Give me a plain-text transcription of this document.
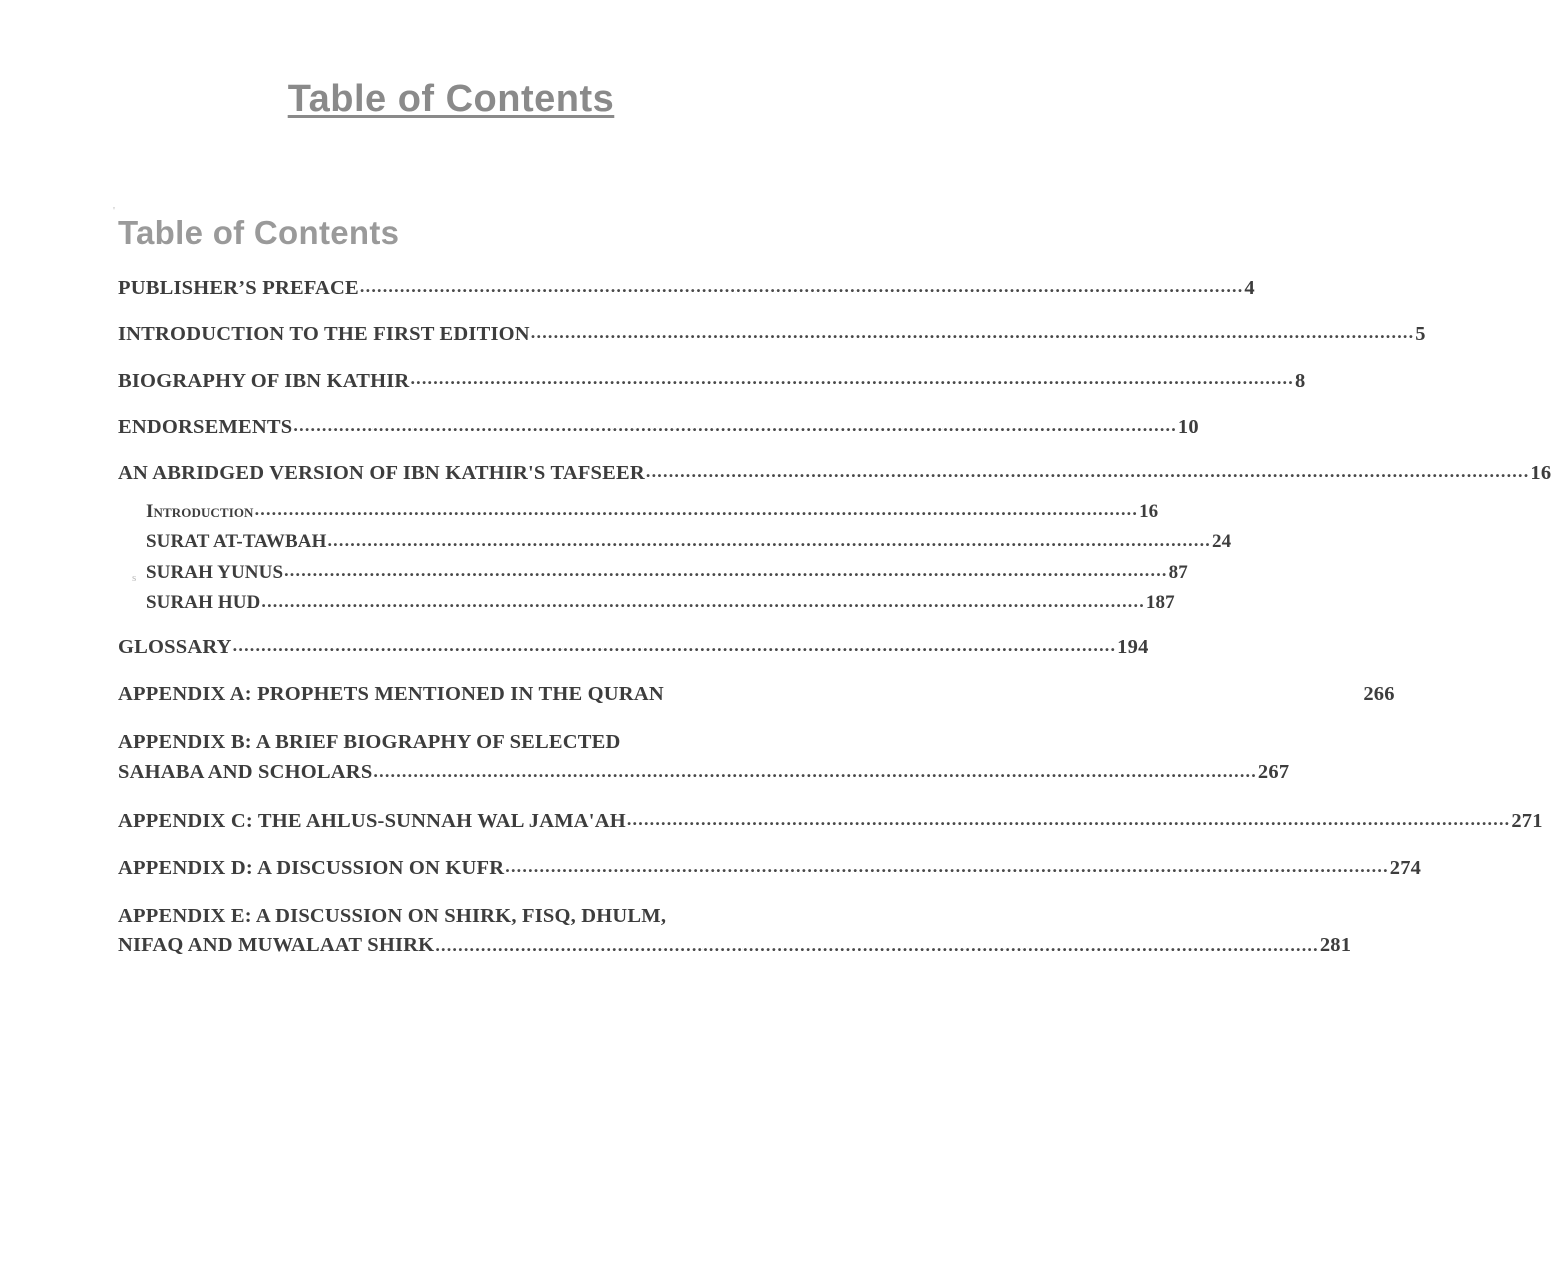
Table of Contents
Table of Contents
'
s
PUBLISHER’S PREFACE ........................................................................................................................................................... 4
INTRODUCTION TO THE FIRST EDITION ........................................................................................................................................................... 5
BIOGRAPHY OF IBN KATHIR ........................................................................................................................................................... 8
ENDORSEMENTS ........................................................................................................................................................... 10
AN ABRIDGED VERSION OF IBN KATHIR'S TAFSEER ........................................................................................................................................................... 16
Introduction ........................................................................................................................................................... 16
SURAT AT-TAWBAH ........................................................................................................................................................... 24
SURAH YUNUS ........................................................................................................................................................... 87
SURAH HUD ........................................................................................................................................................... 187
GLOSSARY ........................................................................................................................................................... 194
APPENDIX A: PROPHETS MENTIONED IN THE QURAN	266
APPENDIX B: A BRIEF BIOGRAPHY OF SELECTED
SAHABA AND SCHOLARS ........................................................................................................................................................... 267
APPENDIX C: THE AHLUS-SUNNAH WAL JAMA'AH ........................................................................................................................................................... 271
APPENDIX D: A DISCUSSION ON KUFR ........................................................................................................................................................... 274
APPENDIX E: A DISCUSSION ON SHIRK, FISQ, DHULM,
NIFAQ AND MUWALAAT SHIRK ........................................................................................................................................................... 281
